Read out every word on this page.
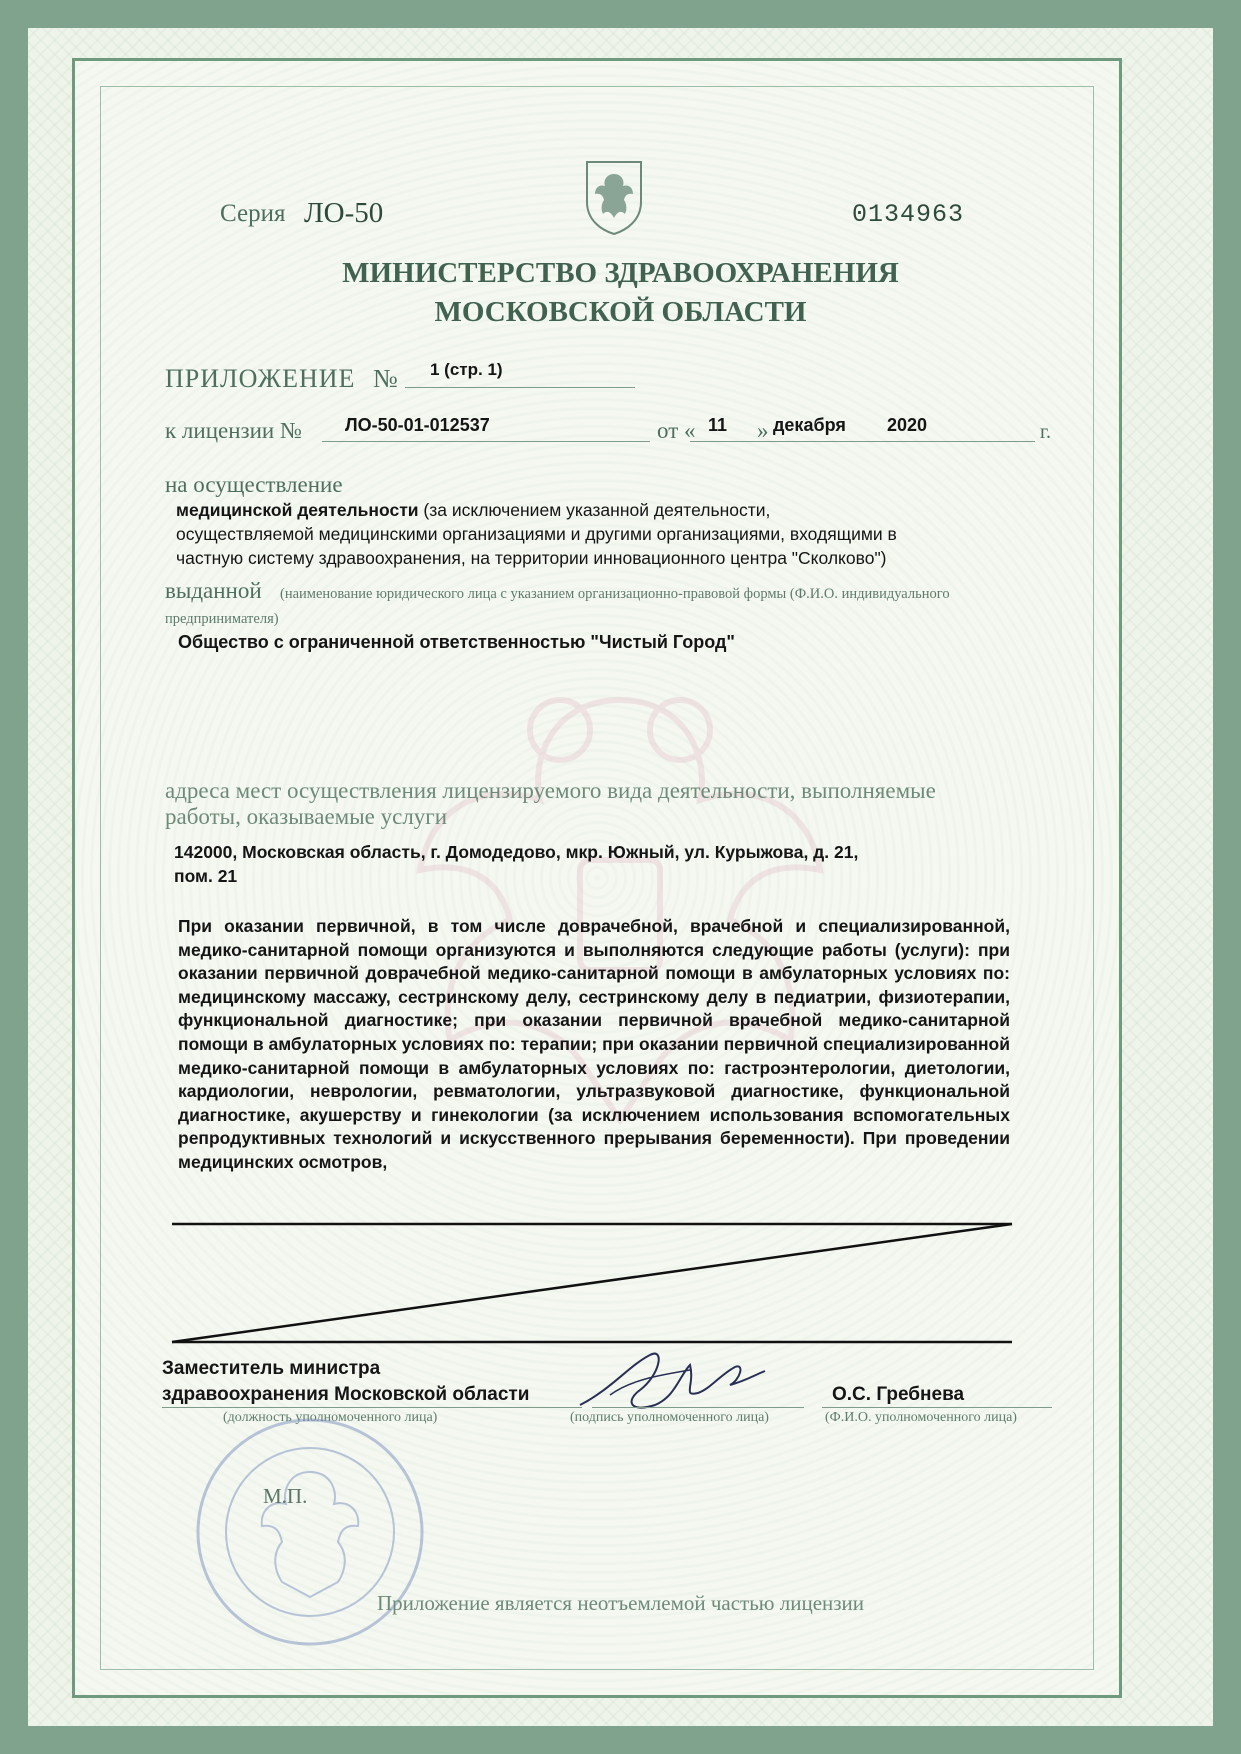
Серия ЛО-50	0134963
МИНИСТЕРСТВО ЗДРАВООХРАНЕНИЯ
МОСКОВСКОЙ ОБЛАСТИ
ПРИЛОЖЕНИЕ № 1 (стр. 1)
к лицензии № ЛО-50-01-012537	от « 11 » декабря 2020	г.
на осуществление
медицинской деятельности (за исключением указанной деятельности,
осуществляемой медицинскими организациями и другими организациями, входящими в
частную систему здравоохранения, на территории инновационного центра "Сколково")
выданной (наименование юридического лица с указанием организационно-правовой формы (Ф.И.О. индивидуального
предпринимателя)
Общество с ограниченной ответственностью "Чистый Город"
адреса мест осуществления лицензируемого вида деятельности, выполняемые
работы, оказываемые услуги
142000, Московская область, г. Домодедово, мкр. Южный, ул. Курыжова, д. 21,
пом. 21
При оказании первичной, в том числе доврачебной, врачебной и специализированной, медико-санитарной помощи организуются и выполняются следующие работы (услуги): при оказании первичной доврачебной медико-санитарной помощи в амбулаторных условиях по: медицинскому массажу, сестринскому делу, сестринскому делу в педиатрии, физиотерапии, функциональной диагностике; при оказании первичной врачебной медико-санитарной помощи в амбулаторных условиях по: терапии; при оказании первичной специализированной медико-санитарной помощи в амбулаторных условиях по: гастроэнтерологии, диетологии, кардиологии, неврологии, ревматологии, ультразвуковой диагностике, функциональной диагностике, акушерству и гинекологии (за исключением использования вспомогательных репродуктивных технологий и искусственного прерывания беременности). При проведении медицинских осмотров,
Заместитель министра
здравоохранения Московской области
(должность уполномоченного лица)	(подпись уполномоченного лица)
О.С. Гребнева
(Ф.И.О. уполномоченного лица)
М.П.
Приложение является неотъемлемой частью лицензии
